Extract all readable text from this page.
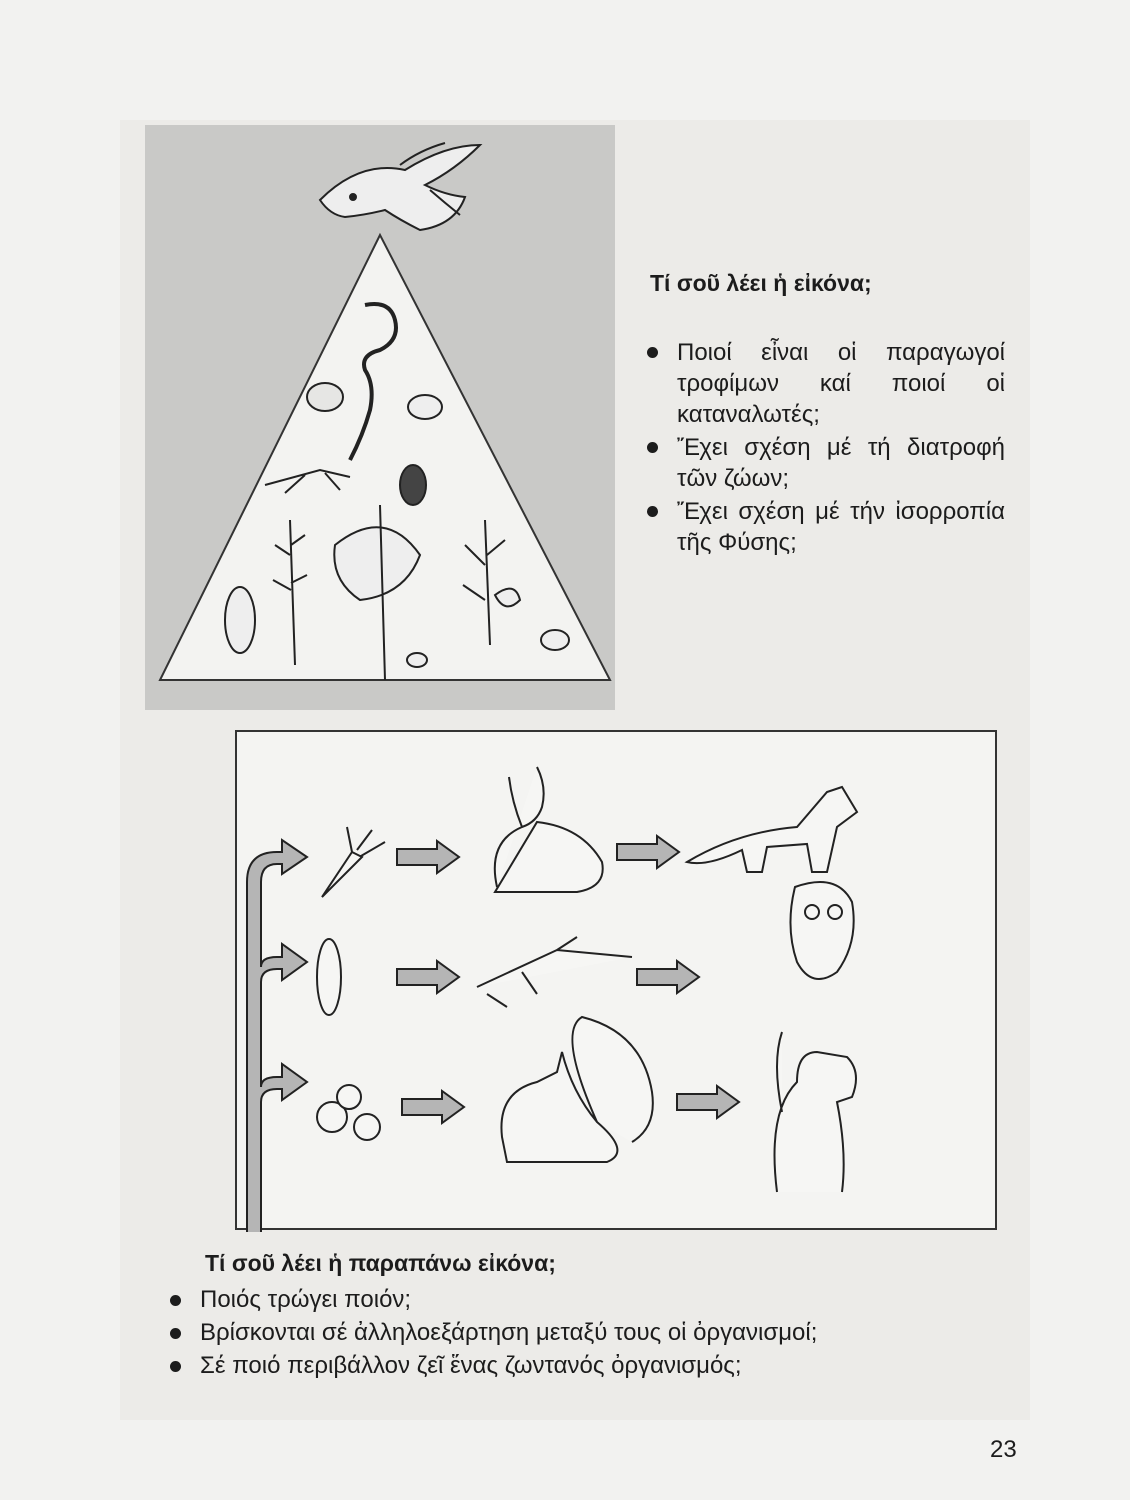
Τί σοῦ λέει ἡ εἰκόνα;
Ποιοί εἶναι οἱ παραγωγοί τροφίμων καί ποιοί οἱ καταναλωτές;
Ἔχει σχέση μέ τή διατροφή τῶν ζώων;
Ἔχει σχέση μέ τήν ἰσορροπία τῆς Φύσης;
Τί σοῦ λέει ἡ παραπάνω εἰκόνα;
Ποιός τρώγει ποιόν;
Βρίσκονται σέ ἀλληλοεξάρτηση μεταξύ τους οἱ ὀργανισμοί;
Σέ ποιό περιβάλλον ζεῖ ἕνας ζωντανός ὀργανισμός;
23
